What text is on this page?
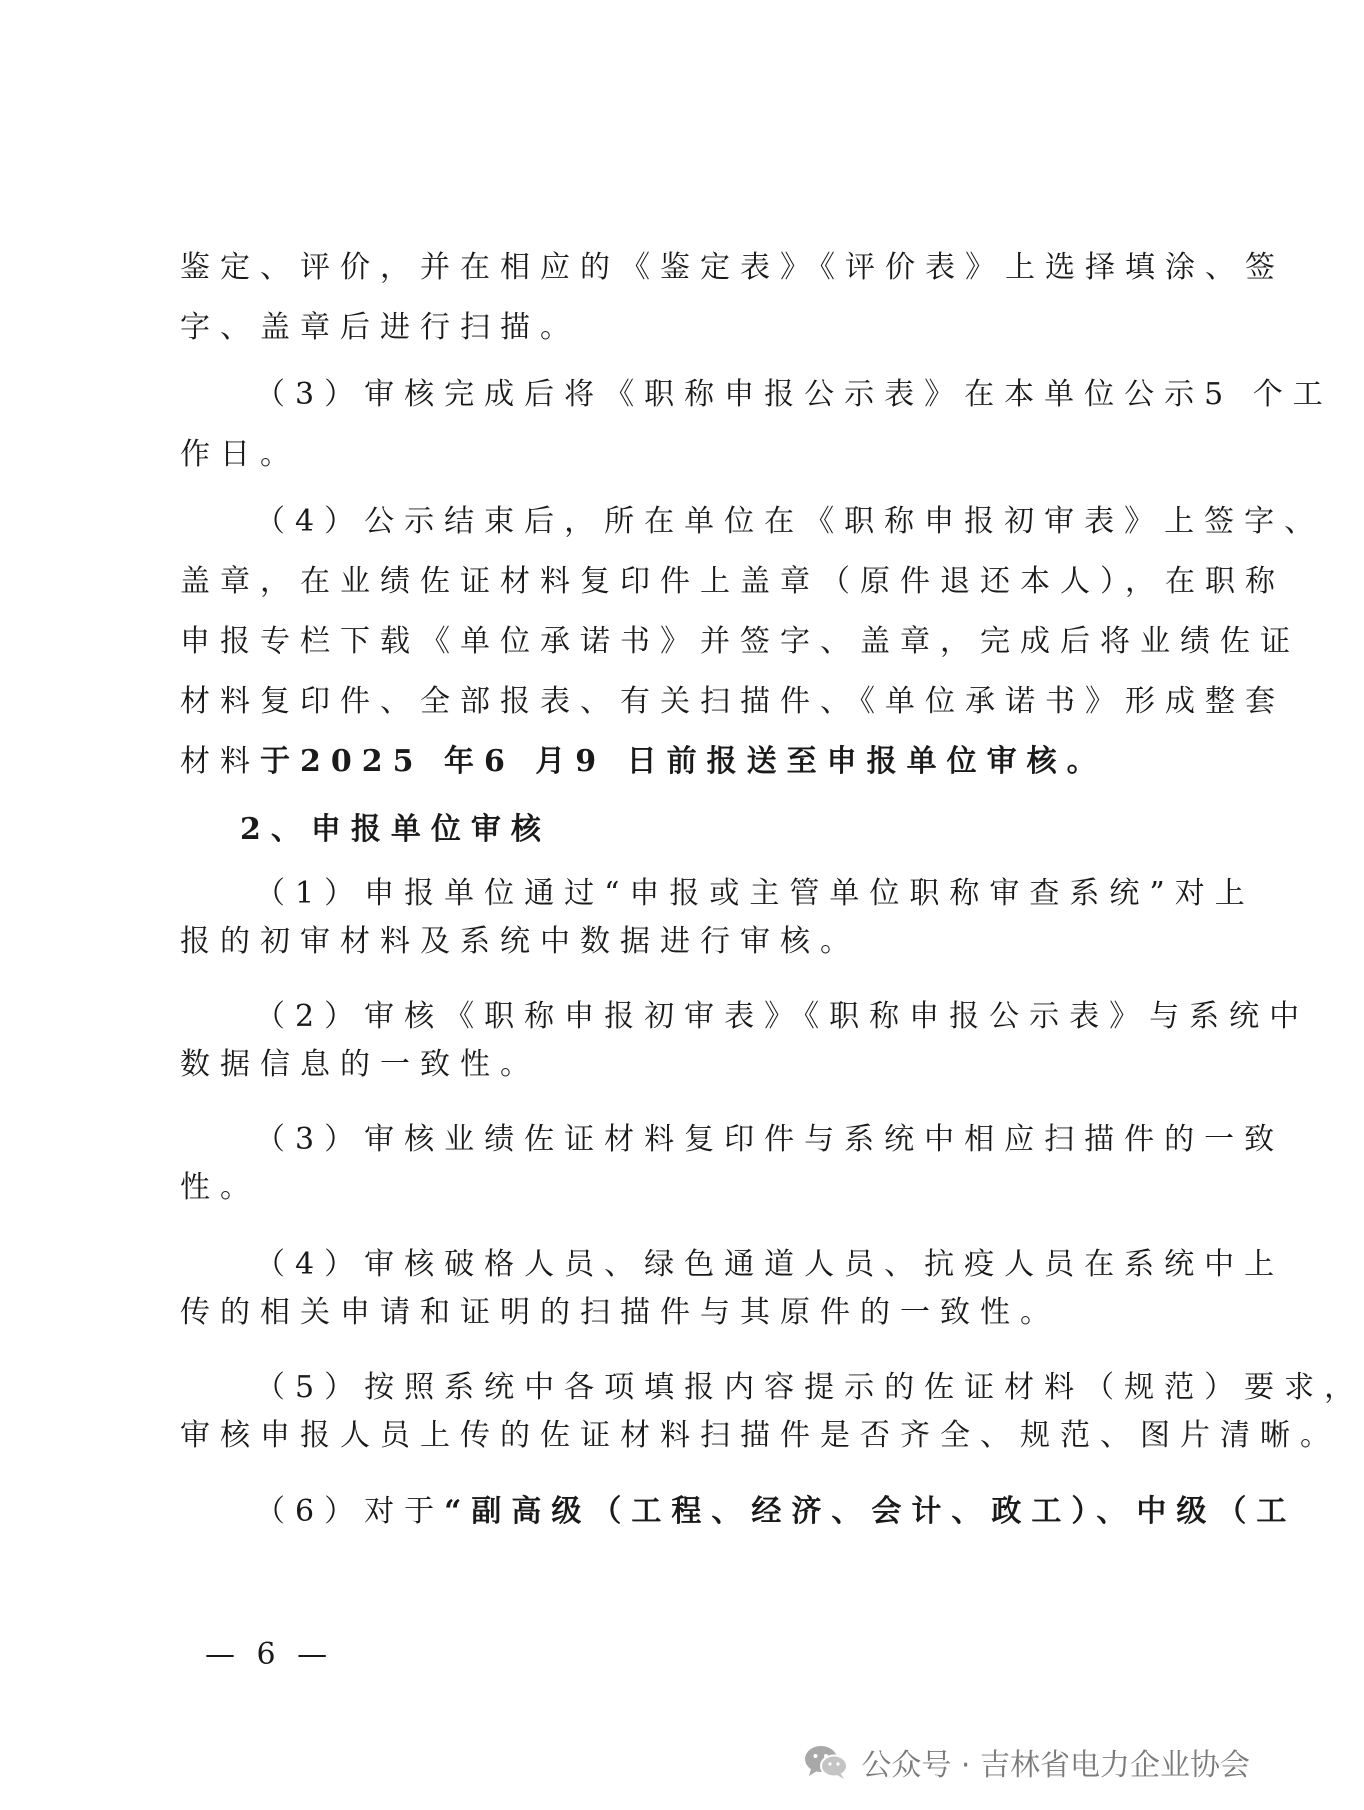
鉴定、评价，并在相应的《鉴定表》《评价表》上选择填涂、签
字、盖章后进行扫描。
（3）审核完成后将《职称申报公示表》在本单位公示5 个工
作日。
（4）公示结束后，所在单位在《职称申报初审表》上签字、
盖章，在业绩佐证材料复印件上盖章（原件退还本人），在职称
申报专栏下载《单位承诺书》并签字、盖章，完成后将业绩佐证
材料复印件、全部报表、有关扫描件、《单位承诺书》形成整套
材料于2025 年6 月9 日前报送至申报单位审核。
2、申报单位审核
（1）申报单位通过“申报或主管单位职称审查系统”对上
报的初审材料及系统中数据进行审核。
（2）审核《职称申报初审表》《职称申报公示表》与系统中
数据信息的一致性。
（3）审核业绩佐证材料复印件与系统中相应扫描件的一致
性。
（4）审核破格人员、绿色通道人员、抗疫人员在系统中上
传的相关申请和证明的扫描件与其原件的一致性。
（5）按照系统中各项填报内容提示的佐证材料（规范）要求，
审核申报人员上传的佐证材料扫描件是否齐全、规范、图片清晰。
（6）对于“副高级（工程、经济、会计、政工）、中级（工
— 6 —
公众号 · 吉林省电力企业协会
